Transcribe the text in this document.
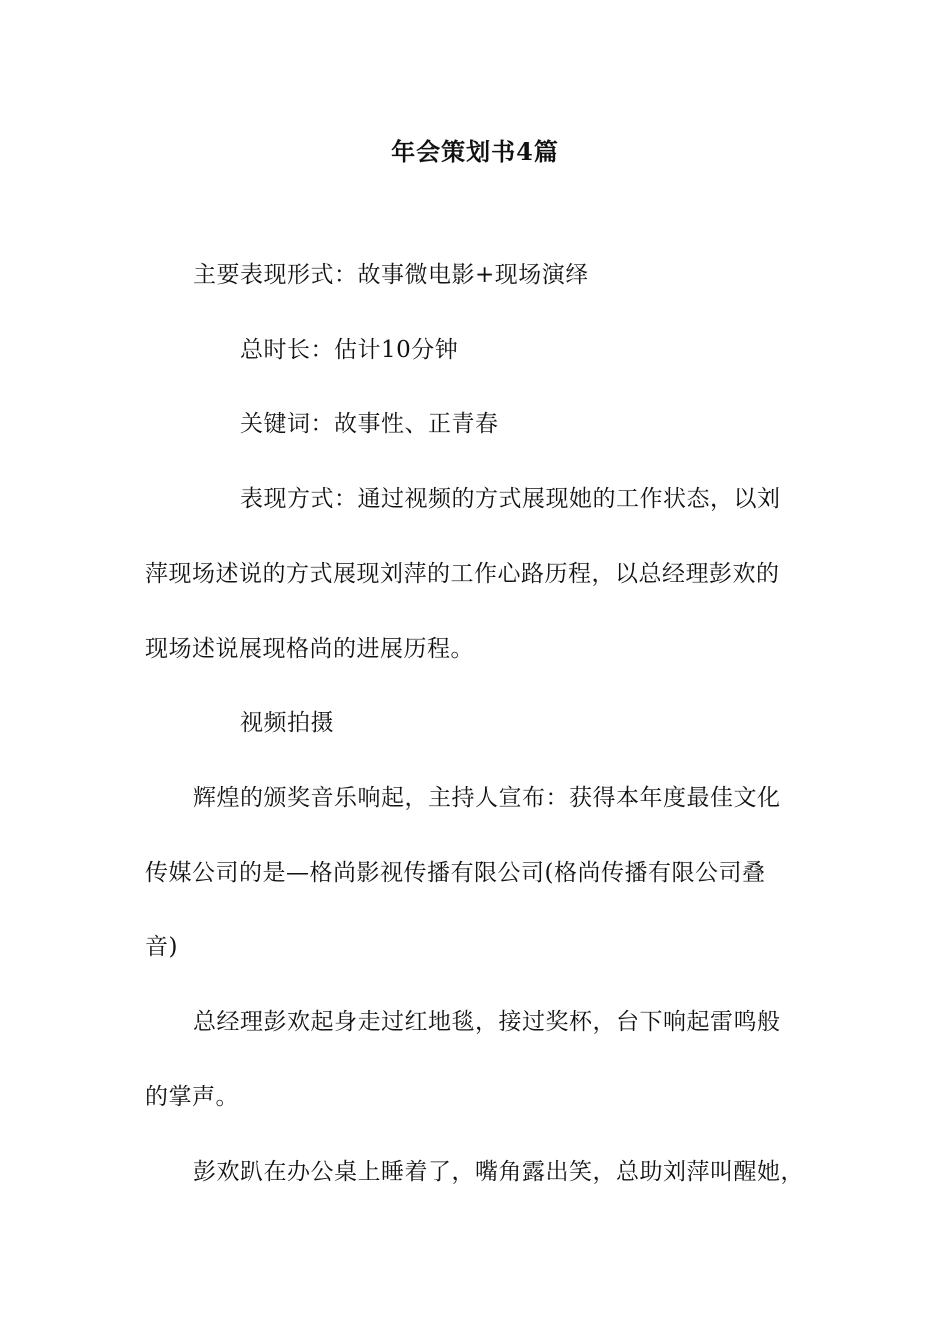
年会策划书4篇
主要表现形式：故事微电影+现场演绎
总时长：估计10分钟
关键词：故事性、正青春
表现方式：通过视频的方式展现她的工作状态，以刘
萍现场述说的方式展现刘萍的工作心路历程，以总经理彭欢的
现场述说展现格尚的进展历程。
视频拍摄
辉煌的颁奖音乐响起，主持人宣布：获得本年度最佳文化
传媒公司的是—格尚影视传播有限公司(格尚传播有限公司叠
音)
总经理彭欢起身走过红地毯，接过奖杯，台下响起雷鸣般
的掌声。
彭欢趴在办公桌上睡着了，嘴角露出笑，总助刘萍叫醒她，
